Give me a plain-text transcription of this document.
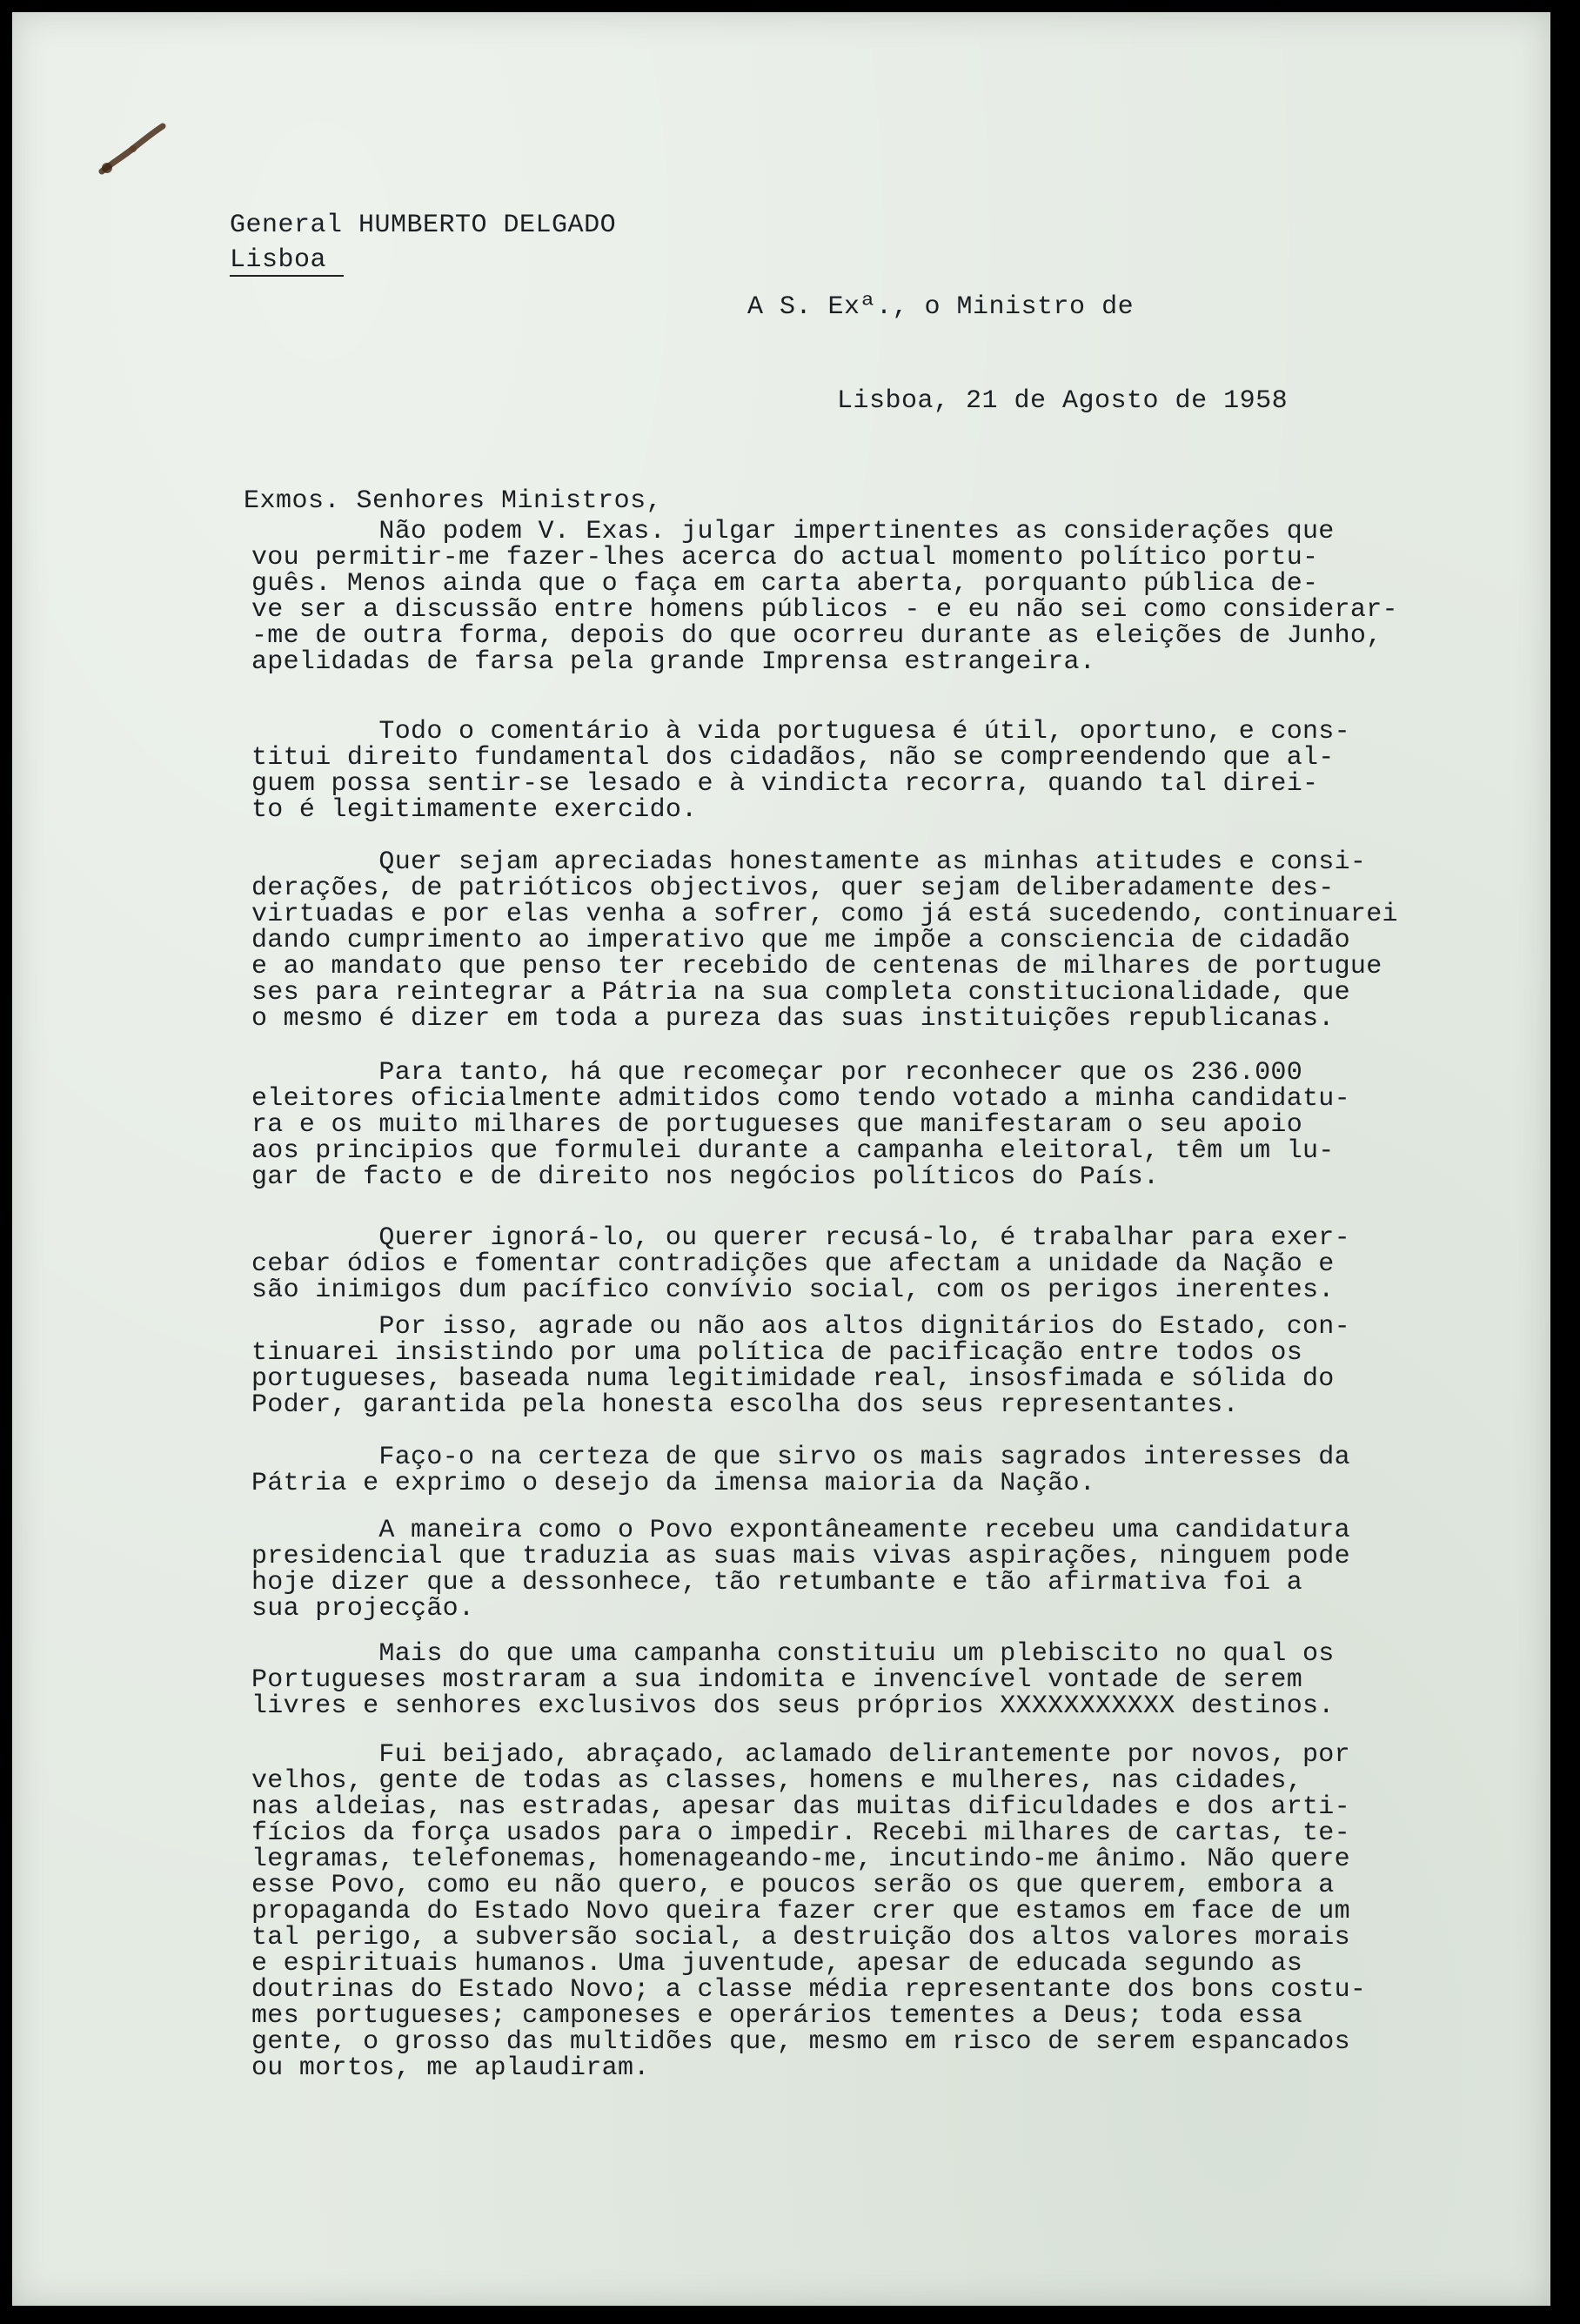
General HUMBERTO DELGADO
Lisboa
A S. Exª., o Ministro de
Lisboa, 21 de Agosto de 1958
Exmos. Senhores Ministros,
Não podem V. Exas. julgar impertinentes as considerações que
vou permitir-me fazer-lhes acerca do actual momento político portu-
guês. Menos ainda que o faça em carta aberta, porquanto pública de-
ve ser a discussão entre homens públicos - e eu não sei como considerar-
-me de outra forma, depois do que ocorreu durante as eleições de Junho,
apelidadas de farsa pela grande Imprensa estrangeira.
Todo o comentário à vida portuguesa é útil, oportuno, e cons-
titui direito fundamental dos cidadãos, não se compreendendo que al-
guem possa sentir-se lesado e à vindicta recorra, quando tal direi-
to é legitimamente exercido.
Quer sejam apreciadas honestamente as minhas atitudes e consi-
derações, de patrióticos objectivos, quer sejam deliberadamente des-
virtuadas e por elas venha a sofrer, como já está sucedendo, continuarei
dando cumprimento ao imperativo que me impõe a consciencia de cidadão
e ao mandato que penso ter recebido de centenas de milhares de portugue
ses para reintegrar a Pátria na sua completa constitucionalidade, que
o mesmo é dizer em toda a pureza das suas instituições republicanas.
Para tanto, há que recomeçar por reconhecer que os 236.000
eleitores oficialmente admitidos como tendo votado a minha candidatu-
ra e os muito milhares de portugueses que manifestaram o seu apoio
aos principios que formulei durante a campanha eleitoral, têm um lu-
gar de facto e de direito nos negócios políticos do País.
Querer ignorá-lo, ou querer recusá-lo, é trabalhar para exer-
cebar ódios e fomentar contradições que afectam a unidade da Nação e
são inimigos dum pacífico convívio social, com os perigos inerentes.
Por isso, agrade ou não aos altos dignitários do Estado, con-
tinuarei insistindo por uma política de pacificação entre todos os
portugueses, baseada numa legitimidade real, insosfimada e sólida do
Poder, garantida pela honesta escolha dos seus representantes.
Faço-o na certeza de que sirvo os mais sagrados interesses da
Pátria e exprimo o desejo da imensa maioria da Nação.
A maneira como o Povo expontâneamente recebeu uma candidatura
presidencial que traduzia as suas mais vivas aspirações, ninguem pode
hoje dizer que a dessonhece, tão retumbante e tão afirmativa foi a
sua projecção.
Mais do que uma campanha constituiu um plebiscito no qual os
Portugueses mostraram a sua indomita e invencível vontade de serem
livres e senhores exclusivos dos seus próprios XXXXXXXXXXX destinos.
Fui beijado, abraçado, aclamado delirantemente por novos, por
velhos, gente de todas as classes, homens e mulheres, nas cidades,
nas aldeias, nas estradas, apesar das muitas dificuldades e dos arti-
fícios da força usados para o impedir. Recebi milhares de cartas, te-
legramas, telefonemas, homenageando-me, incutindo-me ânimo. Não quere
esse Povo, como eu não quero, e poucos serão os que querem, embora a
propaganda do Estado Novo queira fazer crer que estamos em face de um
tal perigo, a subversão social, a destruição dos altos valores morais
e espirituais humanos. Uma juventude, apesar de educada segundo as
doutrinas do Estado Novo; a classe média representante dos bons costu-
mes portugueses; camponeses e operários tementes a Deus; toda essa
gente, o grosso das multidões que, mesmo em risco de serem espancados
ou mortos, me aplaudiram.
